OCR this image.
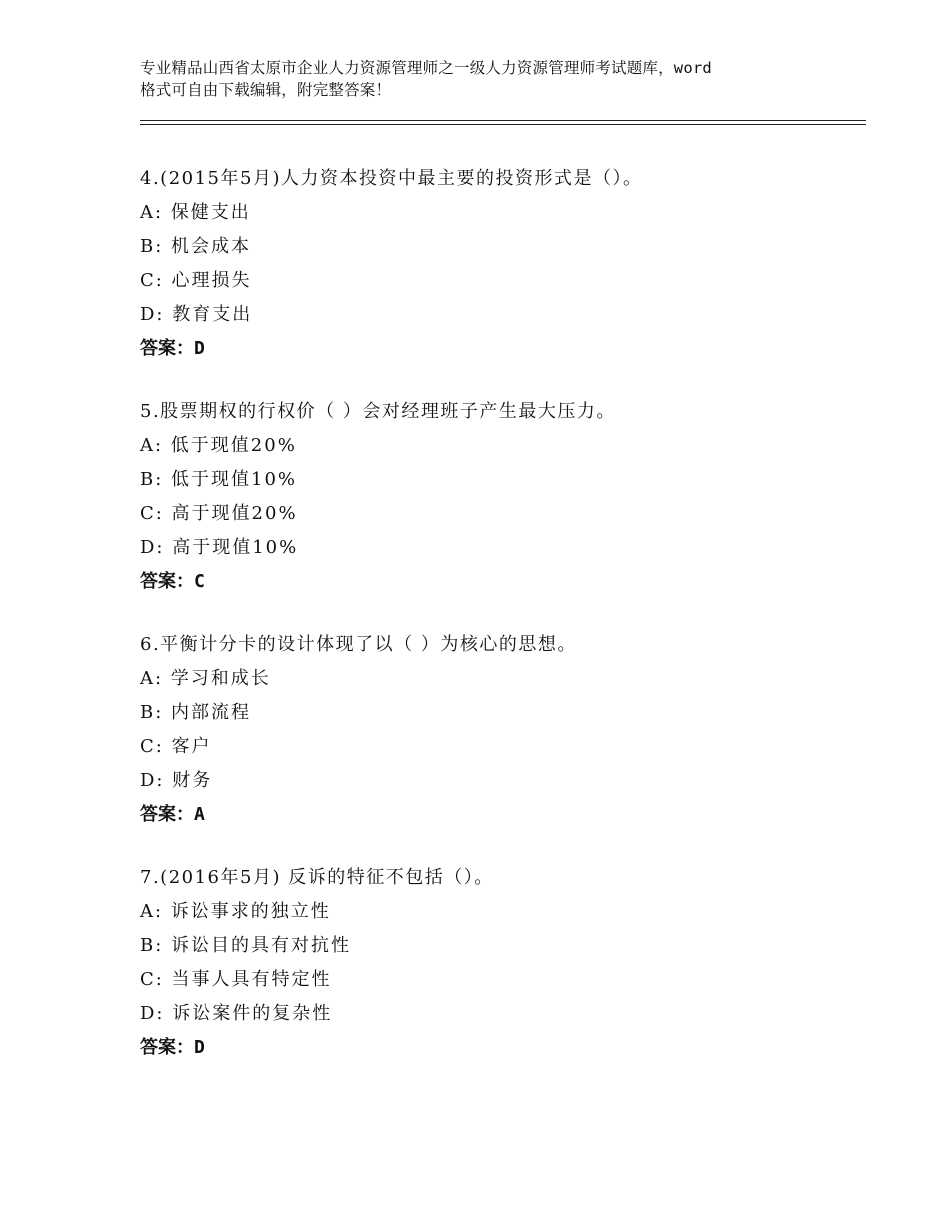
专业精品山西省太原市企业人力资源管理师之一级人力资源管理师考试题库，word
格式可自由下载编辑，附完整答案！
4.(2015年5月)人力资本投资中最主要的投资形式是（）。
A: 保健支出
B: 机会成本
C: 心理损失
D: 教育支出
答案：D
5.股票期权的行权价（ ）会对经理班子产生最大压力。
A: 低于现值20%
B: 低于现值10%
C: 高于现值20%
D: 高于现值10%
答案：C
6.平衡计分卡的设计体现了以（ ）为核心的思想。
A: 学习和成长
B: 内部流程
C: 客户
D: 财务
答案：A
7.(2016年5月) 反诉的特征不包括（）。
A: 诉讼事求的独立性
B: 诉讼目的具有对抗性
C: 当事人具有特定性
D: 诉讼案件的复杂性
答案：D
